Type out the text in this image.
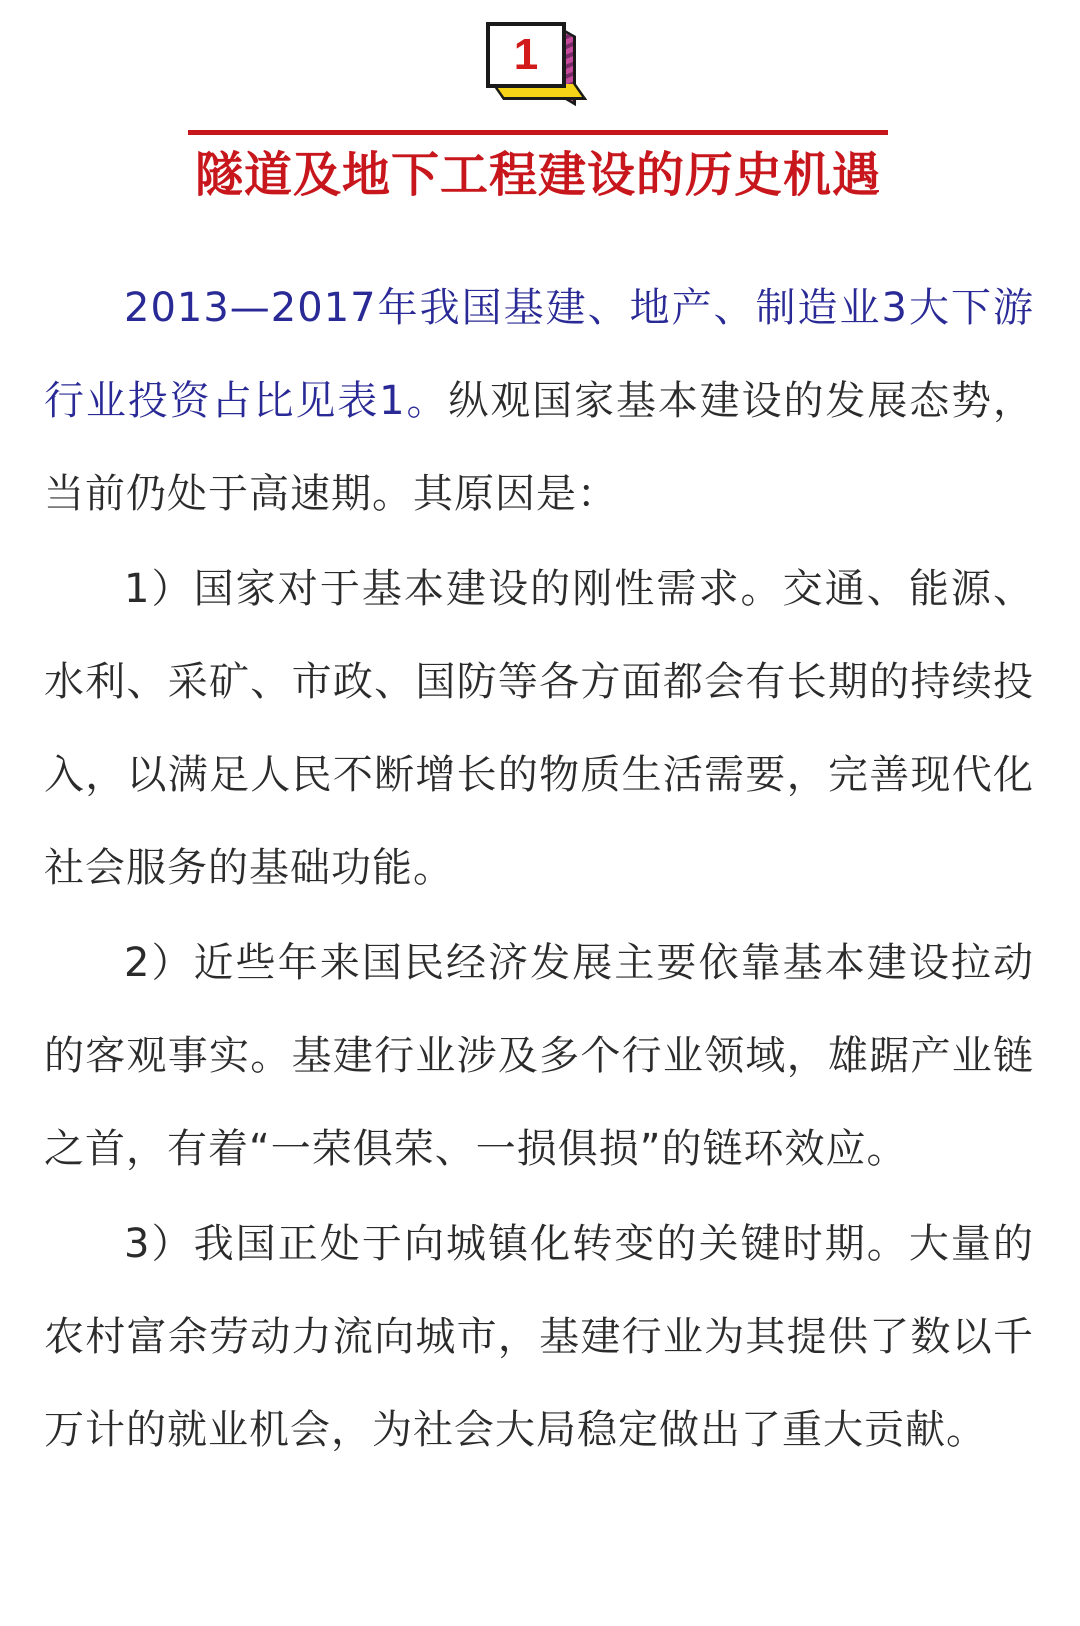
1
隧道及地下工程建设的历史机遇

2013—2017年我国基建、地产、制造业3大下游行业投资占比见表1。纵观国家基本建设的发展态势，当前仍处于高速期。其原因是：

1）国家对于基本建设的刚性需求。交通、能源、水利、采矿、市政、国防等各方面都会有长期的持续投入，以满足人民不断增长的物质生活需要，完善现代化社会服务的基础功能。

2）近些年来国民经济发展主要依靠基本建设拉动的客观事实。基建行业涉及多个行业领域，雄踞产业链之首，有着“一荣俱荣、一损俱损”的链环效应。

3）我国正处于向城镇化转变的关键时期。大量的农村富余劳动力流向城市，基建行业为其提供了数以千万计的就业机会，为社会大局稳定做出了重大贡献。
